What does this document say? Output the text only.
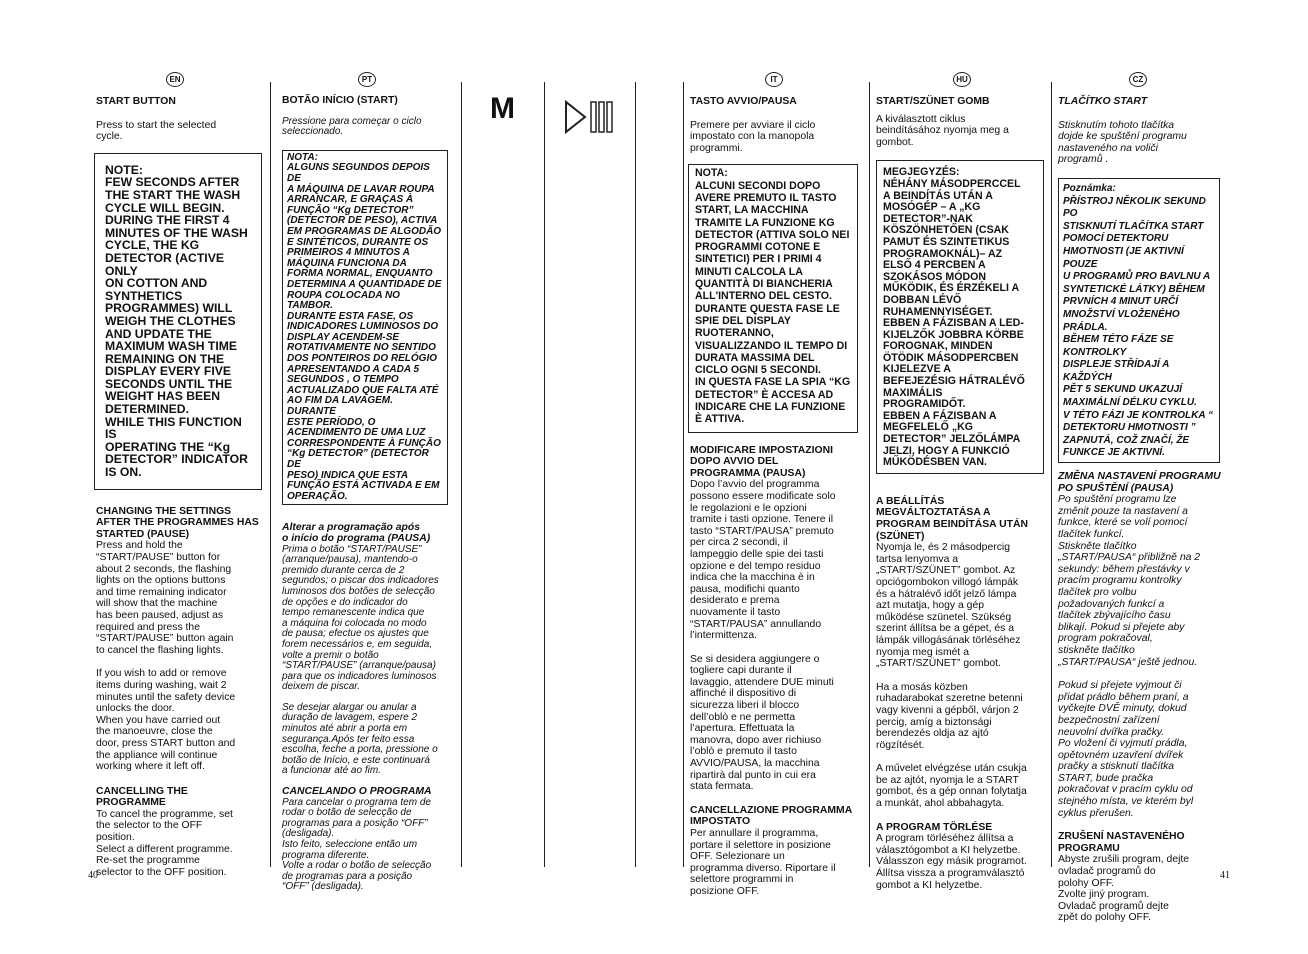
EN	PT	IT	HU	CZ
START BUTTON
Press to start the selected
cycle.
NOTE:
FEW SECONDS AFTER
THE START THE WASH
CYCLE WILL BEGIN.
DURING THE FIRST 4
MINUTES OF THE WASH
CYCLE, THE KG
DETECTOR (ACTIVE ONLY
ON COTTON AND
SYNTHETICS
PROGRAMMES) WILL
WEIGH THE CLOTHES
AND UPDATE THE
MAXIMUM WASH TIME
REMAINING ON THE
DISPLAY EVERY FIVE
SECONDS UNTIL THE
WEIGHT HAS BEEN
DETERMINED.
WHILE THIS FUNCTION IS
OPERATING THE “Kg
DETECTOR” INDICATOR
IS ON.
CHANGING THE SETTINGS
AFTER THE PROGRAMMES HAS
STARTED (PAUSE)
Press and hold the
“START/PAUSE” button for
about 2 seconds, the flashing
lights on the options buttons
and time remaining indicator
will show that the machine
has been paused, adjust as
required and press the
“START/PAUSE” button again
to cancel the flashing lights.
If you wish to add or remove
items during washing, wait 2
minutes until the safety device
unlocks the door.
When you have carried out
the manoeuvre, close the
door, press START button and
the appliance will continue
working where it left off.
CANCELLING THE
PROGRAMME
To cancel the programme, set
the selector to the OFF
position.
Select a different programme.
Re-set the programme
selector to the OFF position.
BOTÃO INÍCIO (START)
Pressione para começar o ciclo
seleccionado.
NOTA:
ALGUNS SEGUNDOS DEPOIS DE
A MÁQUINA DE LAVAR ROUPA
ARRANCAR, E GRAÇAS À
FUNÇÃO “Kg DETECTOR”
(DETECTOR DE PESO), ACTIVA
EM PROGRAMAS DE ALGODÃO
E SINTÉTICOS, DURANTE OS
PRIMEIROS 4 MINUTOS A
MÁQUINA FUNCIONA DA
FORMA NORMAL, ENQUANTO
DETERMINA A QUANTIDADE DE
ROUPA COLOCADA NO
TAMBOR.
DURANTE ESTA FASE, OS
INDICADORES LUMINOSOS DO
DISPLAY ACENDEM-SE
ROTATIVAMENTE NO SENTIDO
DOS PONTEIROS DO RELÓGIO
APRESENTANDO A CADA 5
SEGUNDOS , O TEMPO
ACTUALIZADO QUE FALTA ATÉ
AO FIM DA LAVAGEM. DURANTE
ESTE PERÍODO, O
ACENDIMENTO DE UMA LUZ
CORRESPONDENTE À FUNÇÃO
“Kg DETECTOR” (DETECTOR DE
PESO) INDICA QUE ESTA
FUNÇÃO ESTÁ ACTIVADA E EM
OPERAÇÃO.
Alterar a programação após
o início do programa (PAUSA)
Prima o botão “START/PAUSE”
(arranque/pausa), mantendo-o
premido durante cerca de 2
segundos; o piscar dos indicadores
luminosos dos botões de selecção
de opções e do indicador do
tempo remanescente indica que
a máquina foi colocada no modo
de pausa; efectue os ajustes que
forem necessários e, em seguida,
volte a premir o botão
“START/PAUSE” (arranque/pausa)
para que os indicadores luminosos
deixem de piscar.
Se desejar alargar ou anular a
duração de lavagem, espere 2
minutos até abrir a porta em
segurança.Após ter feito essa
escolha, feche a porta, pressione o
botão de Início, e este continuará
a funcionar até ao fim.
CANCELANDO O PROGRAMA
Para cancelar o programa tem de
rodar o botão de selecção de
programas para a posição “OFF”
(desligada).
Isto feito, seleccione então um
programa diferente.
Volte a rodar o botão de selecção
de programas para a posição
“OFF” (desligada).
M	TASTO AVVIO/PAUSA
Premere per avviare il ciclo
impostato con la manopola
programmi.
NOTA:
ALCUNI SECONDI DOPO
AVERE PREMUTO IL TASTO
START, LA MACCHINA
TRAMITE LA FUNZIONE KG
DETECTOR (ATTIVA SOLO NEI
PROGRAMMI COTONE E
SINTETICI) PER I PRIMI 4
MINUTI CALCOLA LA
QUANTITÀ DI BIANCHERIA
ALL'INTERNO DEL CESTO.
DURANTE QUESTA FASE LE
SPIE DEL DISPLAY
RUOTERANNO,
VISUALIZZANDO IL TEMPO DI
DURATA MASSIMA DEL
CICLO OGNI 5 SECONDI.
IN QUESTA FASE LA SPIA “KG
DETECTOR” È ACCESA AD
INDICARE CHE LA FUNZIONE
È ATTIVA.
MODIFICARE IMPOSTAZIONI
DOPO AVVIO DEL
PROGRAMMA (PAUSA)
Dopo l’avvio del programma
possono essere modificate solo
le regolazioni e le opzioni
tramite i tasti opzione. Tenere il
tasto “START/PAUSA” premuto
per circa 2 secondi, il
lampeggio delle spie dei tasti
opzione e del tempo residuo
indica che la macchina è in
pausa, modifichi quanto
desiderato e prema
nuovamente il tasto
“START/PAUSA” annullando
l’intermittenza.
Se si desidera aggiungere o
togliere capi durante il
lavaggio, attendere DUE minuti
affinché il dispositivo di
sicurezza liberi il blocco
dell’oblò e ne permetta
l’apertura. Effettuata la
manovra, dopo aver richiuso
l’oblò e premuto il tasto
AVVIO/PAUSA, la macchina
ripartirà dal punto in cui era
stata fermata.
CANCELLAZIONE PROGRAMMA
IMPOSTATO
Per annullare il programma,
portare il selettore in posizione
OFF. Selezionare un
programma diverso. Riportare il
selettore programmi in
posizione OFF.
START/SZÜNET GOMB
A kiválasztott ciklus
beindításához nyomja meg a
gombot.
MEGJEGYZÉS:
NÉHÁNY MÁSODPERCCEL
A BEINDÍTÁS UTÁN A
MOSÓGÉP – A „KG
DETECTOR”-NAK
KÖSZÖNHETŐEN (CSAK
PAMUT ÉS SZINTETIKUS
PROGRAMOKNÁL)– AZ
ELSŐ 4 PERCBEN A
SZOKÁSOS MÓDON
MŰKÖDIK, ÉS ÉRZÉKELI A
DOBBAN LÉVŐ
RUHAMENNYISÉGET.
EBBEN A FÁZISBAN A LED-
KIJELZŐK JOBBRA KÖRBE
FOROGNAK, MINDEN
ÖTÖDIK MÁSODPERCBEN
KIJELEZVE A
BEFEJEZÉSIG HÁTRALÉVŐ
MAXIMÁLIS
PROGRAMIDŐT.
EBBEN A FÁZISBAN A
MEGFELELŐ „KG
DETECTOR” JELZŐLÁMPA
JELZI, HOGY A FUNKCIÓ
MŰKÖDÉSBEN VAN.
A BEÁLLÍTÁS
MEGVÁLTOZTATÁSA A
PROGRAM BEINDÍTÁSA UTÁN
(SZÜNET)
Nyomja le, és 2 másodpercig
tartsa lenyomva a
„START/SZÜNET” gombot. Az
opciógombokon villogó lámpák
és a hátralévő időt jelző lámpa
azt mutatja, hogy a gép
működése szünetel. Szükség
szerint állítsa be a gépet, és a
lámpák villogásának törléséhez
nyomja meg ismét a
„START/SZÜNET” gombot.
Ha a mosás közben
ruhadarabokat szeretne betenni
vagy kivenni a gépből, várjon 2
percig, amíg a biztonsági
berendezés oldja az ajtó
rögzítését.
A művelet elvégzése után csukja
be az ajtót, nyomja le a START
gombot, és a gép onnan folytatja
a munkát, ahol abbahagyta.
A PROGRAM TÖRLÉSE
A program törléséhez állítsa a
választógombot a KI helyzetbe.
Válasszon egy másik programot.
Állítsa vissza a programválasztó
gombot a KI helyzetbe.
TLAČÍTKO START
Stisknutím tohoto tlačítka
dojde ke spuštění programu
nastaveného na voliči
programů .
Poznámka:
PŘÍSTROJ NĚKOLIK SEKUND PO
STISKNUTÍ TLAČÍTKA START
POMOCÍ DETEKTORU
HMOTNOSTI (JE AKTIVNÍ POUZE
U PROGRAMŮ PRO BAVLNU A
SYNTETICKÉ LÁTKY) BĚHEM
PRVNÍCH 4 MINUT URČÍ
MNOŽSTVÍ VLOŽENÉHO PRÁDLA.
BĚHEM TÉTO FÁZE SE KONTROLKY
DISPLEJE STŘÍDAJÍ A KAŽDÝCH
PĚT 5 SEKUND UKAZUJÍ
MAXIMÁLNÍ DÉLKU CYKLU.
V TÉTO FÁZI JE KONTROLKA “
DETEKTORU HMOTNOSTI ”
ZAPNUTÁ, COŽ ZNAČÍ, ŽE
FUNKCE JE AKTIVNÍ.
ZMĚNA NASTAVENÍ PROGRAMU
PO SPUŠTĚNÍ (PAUSA)
Po spuštění programu lze
změnit pouze ta nastavení a
funkce, které se volí pomocí
tlačítek funkcí.
Stiskněte tlačítko
„START/PAUSA“ přibližně na 2
sekundy: během přestávky v
pracím programu kontrolky
tlačítek pro volbu
požadovaných funkcí a
tlačítek zbývajícího času
blikají. Pokud si přejete aby
program pokračoval,
stiskněte tlačítko
„START/PAUSA“ ještě jednou.
Pokud si přejete vyjmout či
přidat prádlo během praní, a
vyčkejte DVĚ minuty, dokud
bezpečnostní zařízení
neuvolní dvířka pračky.
Po vložení či vyjmutí prádla,
opětovném uzavření dvířek
pračky a stisknutí tlačítka
START, bude pračka
pokračovat v pracím cyklu od
stejného místa, ve kterém byl
cyklus přerušen.
ZRUŠENÍ NASTAVENÉHO
PROGRAMU
Abyste zrušili program, dejte
ovladač programů do
polohy OFF.
Zvolte jiný program.
Ovladač programů dejte
zpět do polohy OFF.
40	41
